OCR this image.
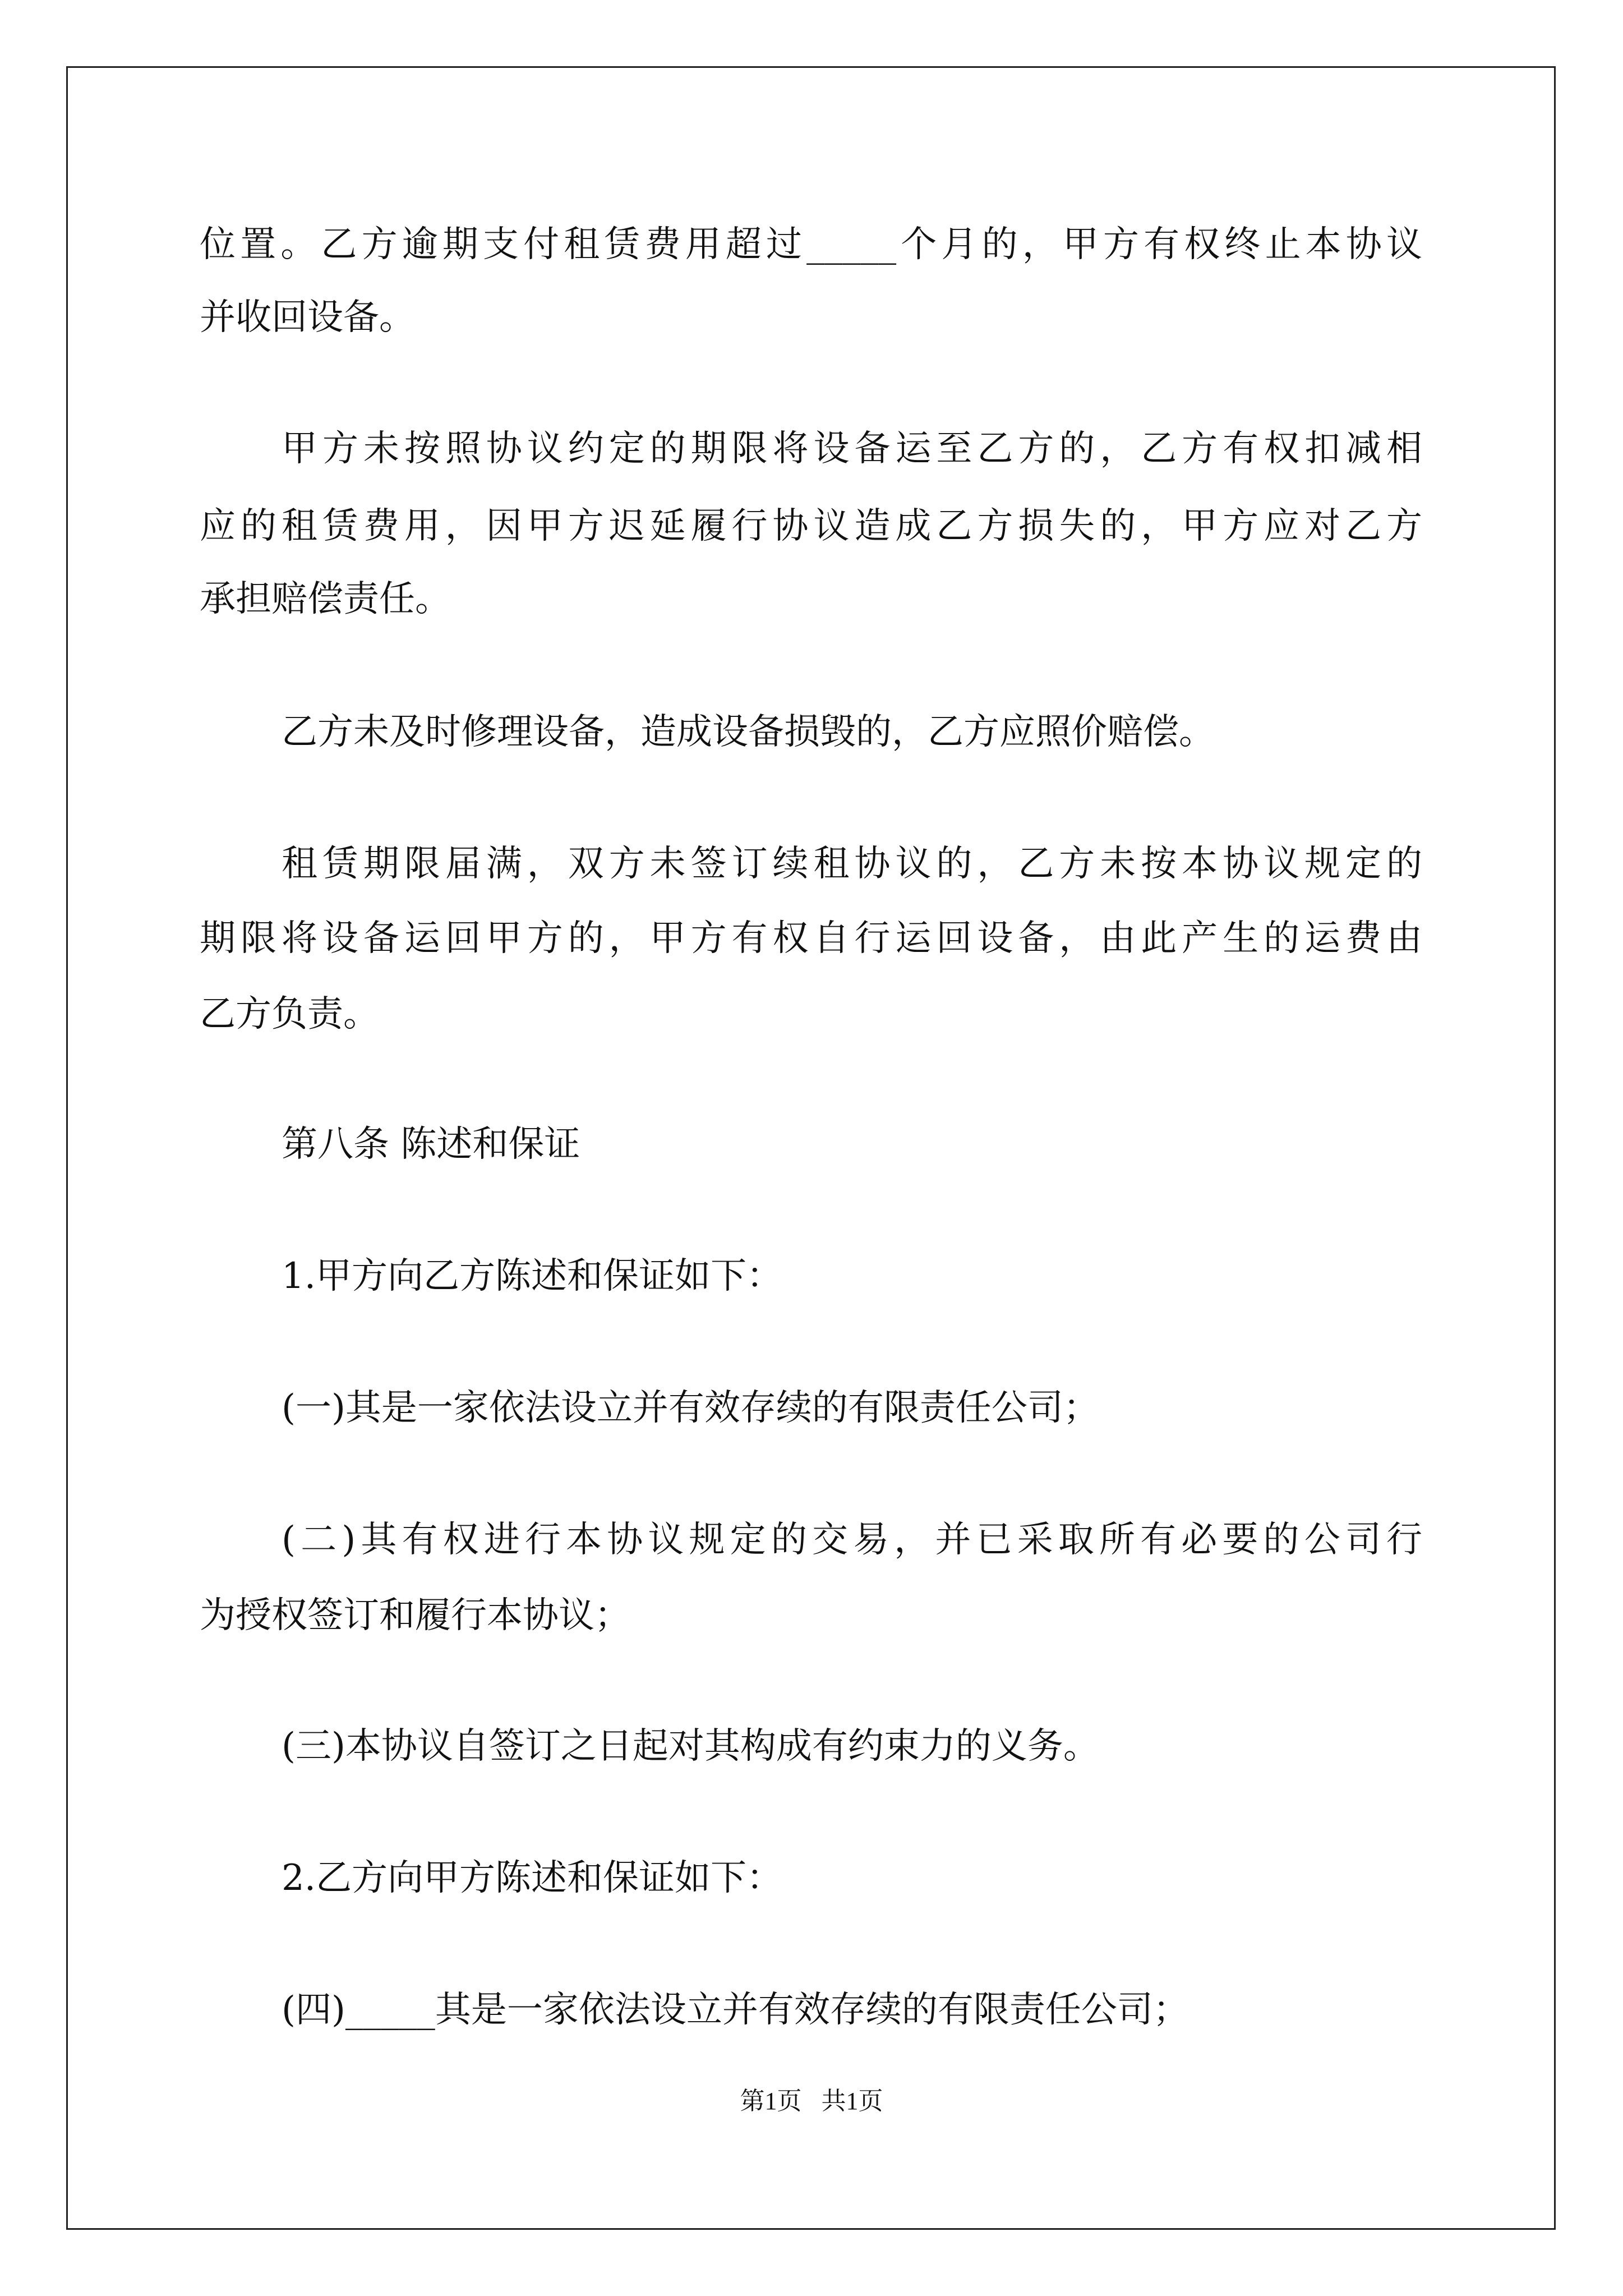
位置。乙方逾期支付租赁费用超过_____个月的，甲方有权终止本协议
并收回设备。
甲方未按照协议约定的期限将设备运至乙方的，乙方有权扣减相
应的租赁费用，因甲方迟延履行协议造成乙方损失的，甲方应对乙方
承担赔偿责任。
乙方未及时修理设备，造成设备损毁的，乙方应照价赔偿。
租赁期限届满，双方未签订续租协议的，乙方未按本协议规定的
期限将设备运回甲方的，甲方有权自行运回设备，由此产生的运费由
乙方负责。
第八条 陈述和保证
1.甲方向乙方陈述和保证如下：
(一)其是一家依法设立并有效存续的有限责任公司；
(二)其有权进行本协议规定的交易，并已采取所有必要的公司行
为授权签订和履行本协议；
(三)本协议自签订之日起对其构成有约束力的义务。
2.乙方向甲方陈述和保证如下：
(四)_____其是一家依法设立并有效存续的有限责任公司；
第1页 共1页
